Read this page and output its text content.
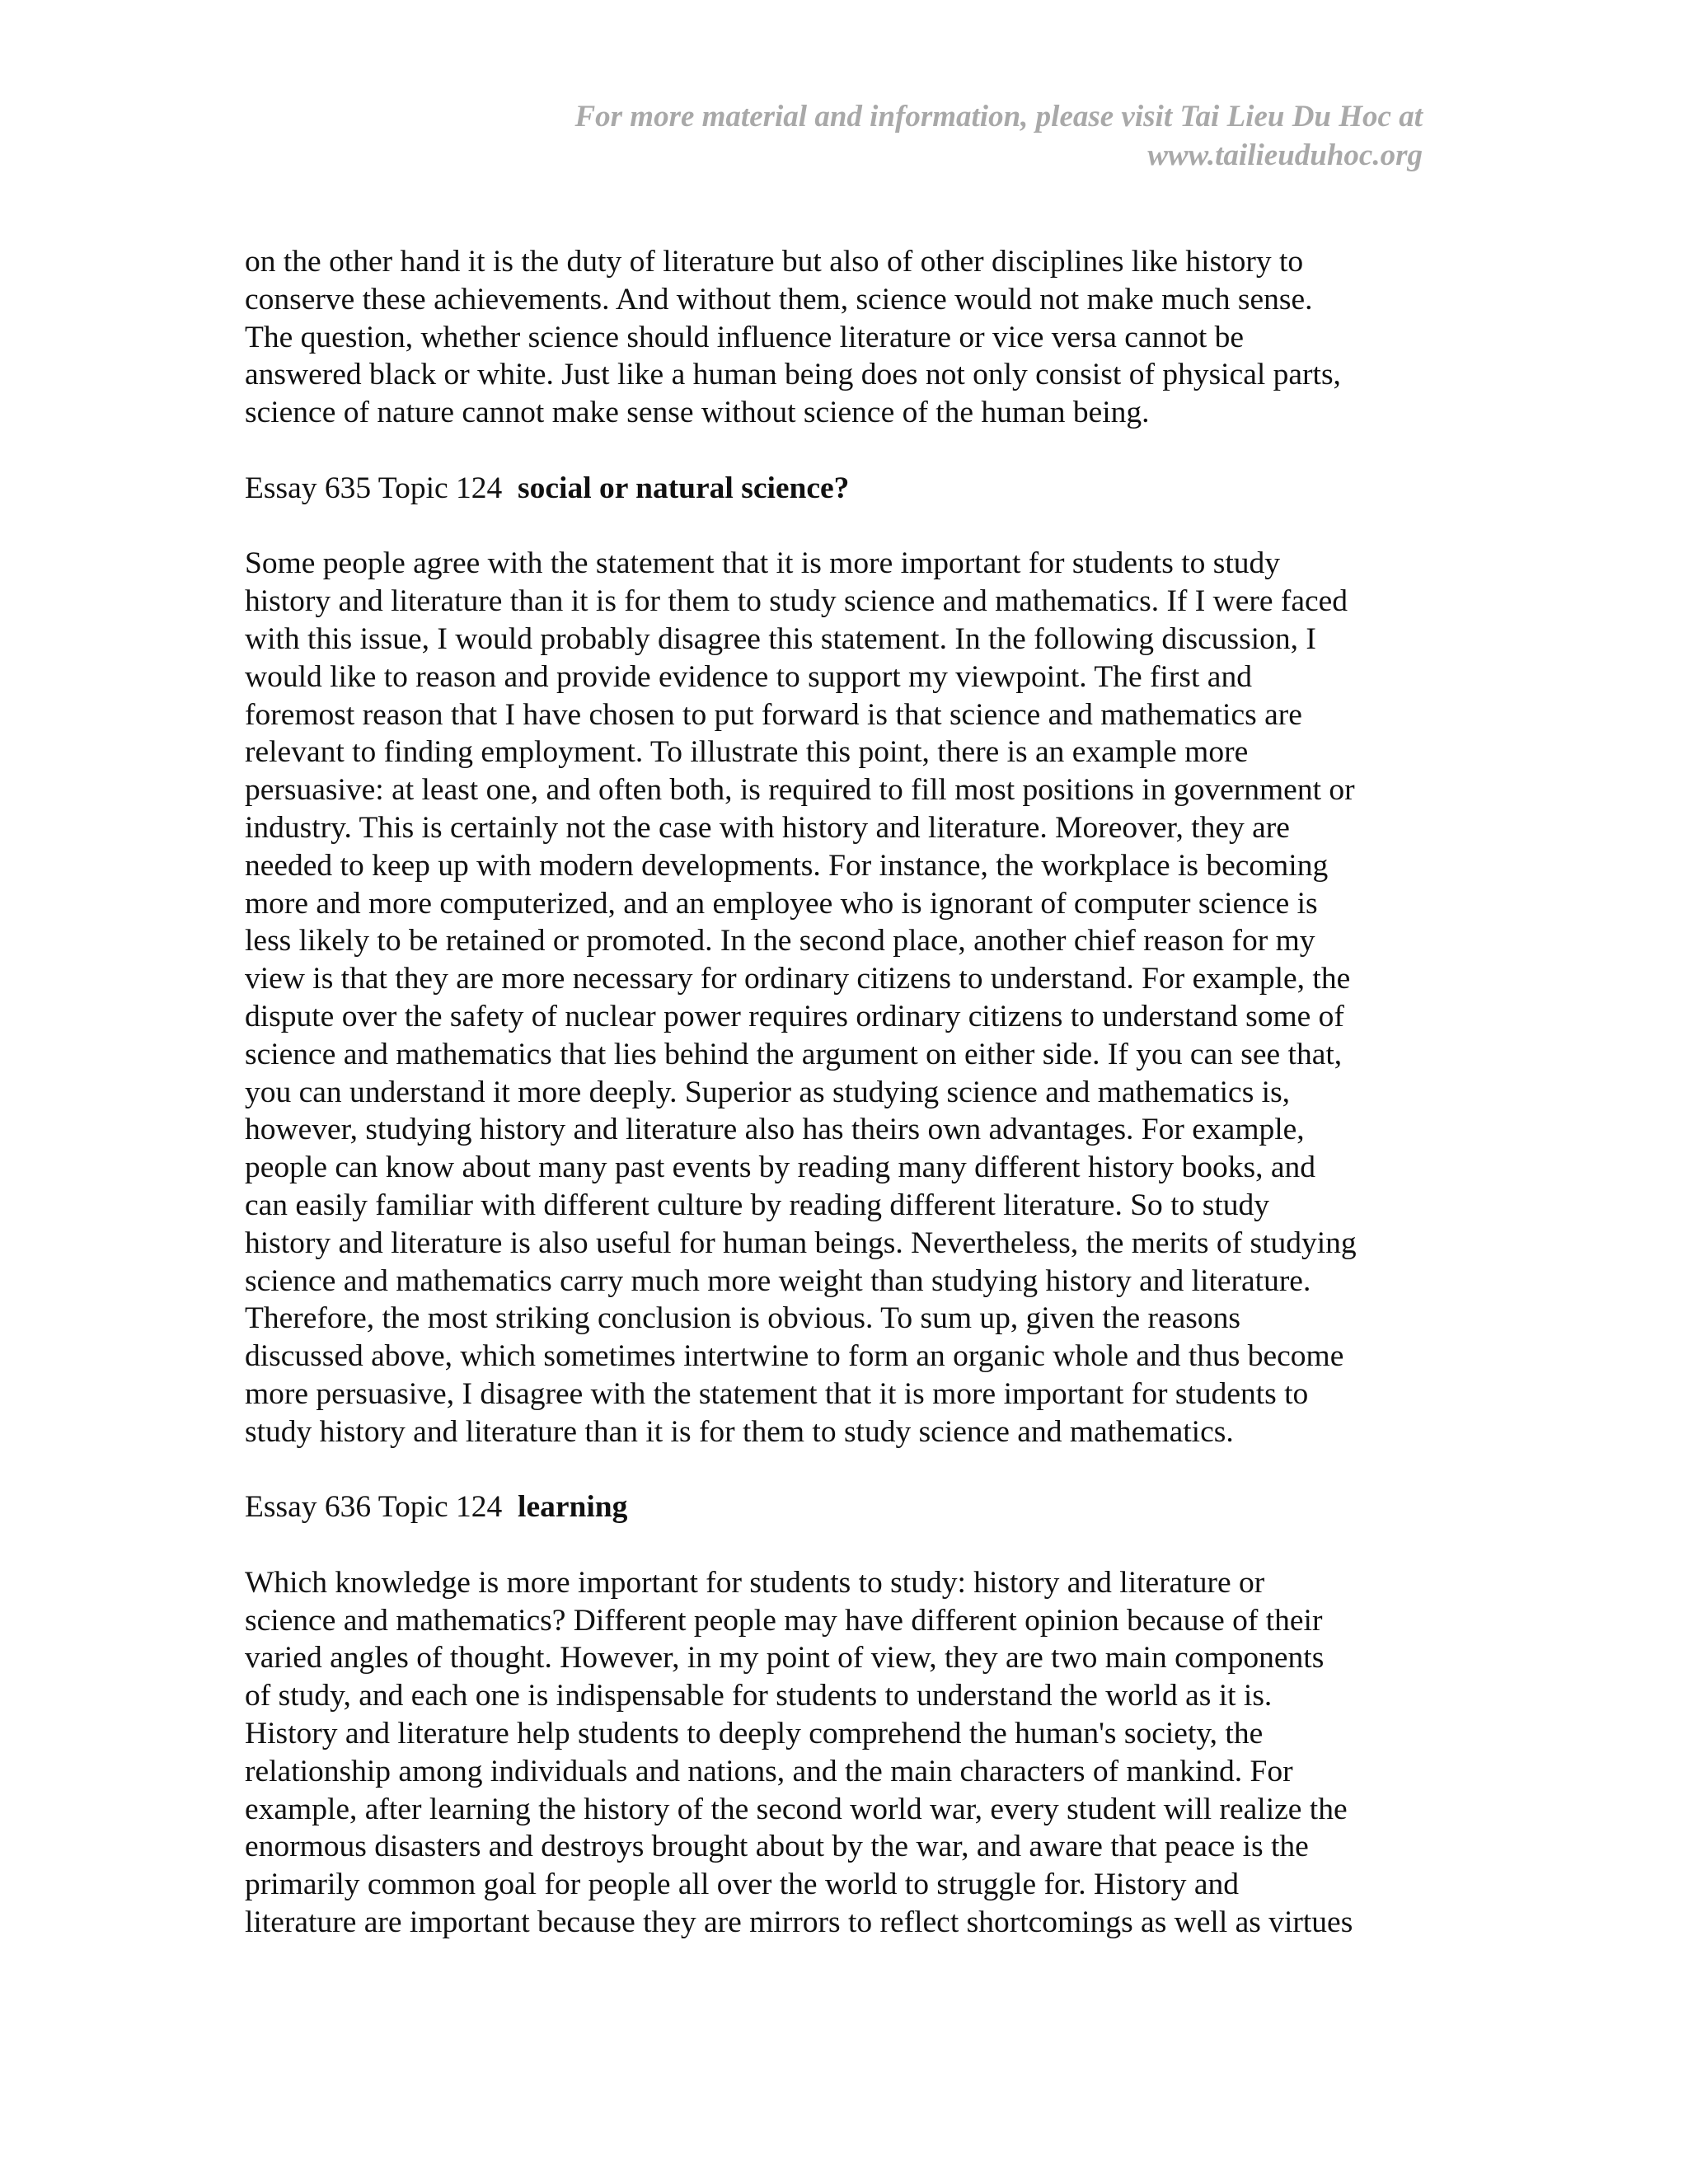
For more material and information, please visit Tai Lieu Du Hoc at
www.tailieuduhoc.org
on the other hand it is the duty of literature but also of other disciplines like history to
conserve these achievements. And without them, science would not make much sense.
The question, whether science should influence literature or vice versa cannot be
answered black or white. Just like a human being does not only consist of physical parts,
science of nature cannot make sense without science of the human being.
Essay 635 Topic 124 social or natural science?
Some people agree with the statement that it is more important for students to study
history and literature than it is for them to study science and mathematics. If I were faced
with this issue, I would probably disagree this statement. In the following discussion, I
would like to reason and provide evidence to support my viewpoint. The first and
foremost reason that I have chosen to put forward is that science and mathematics are
relevant to finding employment. To illustrate this point, there is an example more
persuasive: at least one, and often both, is required to fill most positions in government or
industry. This is certainly not the case with history and literature. Moreover, they are
needed to keep up with modern developments. For instance, the workplace is becoming
more and more computerized, and an employee who is ignorant of computer science is
less likely to be retained or promoted. In the second place, another chief reason for my
view is that they are more necessary for ordinary citizens to understand. For example, the
dispute over the safety of nuclear power requires ordinary citizens to understand some of
science and mathematics that lies behind the argument on either side. If you can see that,
you can understand it more deeply. Superior as studying science and mathematics is,
however, studying history and literature also has theirs own advantages. For example,
people can know about many past events by reading many different history books, and
can easily familiar with different culture by reading different literature. So to study
history and literature is also useful for human beings. Nevertheless, the merits of studying
science and mathematics carry much more weight than studying history and literature.
Therefore, the most striking conclusion is obvious. To sum up, given the reasons
discussed above, which sometimes intertwine to form an organic whole and thus become
more persuasive, I disagree with the statement that it is more important for students to
study history and literature than it is for them to study science and mathematics.
Essay 636 Topic 124 learning
Which knowledge is more important for students to study: history and literature or
science and mathematics? Different people may have different opinion because of their
varied angles of thought. However, in my point of view, they are two main components
of study, and each one is indispensable for students to understand the world as it is.
History and literature help students to deeply comprehend the human's society, the
relationship among individuals and nations, and the main characters of mankind. For
example, after learning the history of the second world war, every student will realize the
enormous disasters and destroys brought about by the war, and aware that peace is the
primarily common goal for people all over the world to struggle for. History and
literature are important because they are mirrors to reflect shortcomings as well as virtues
